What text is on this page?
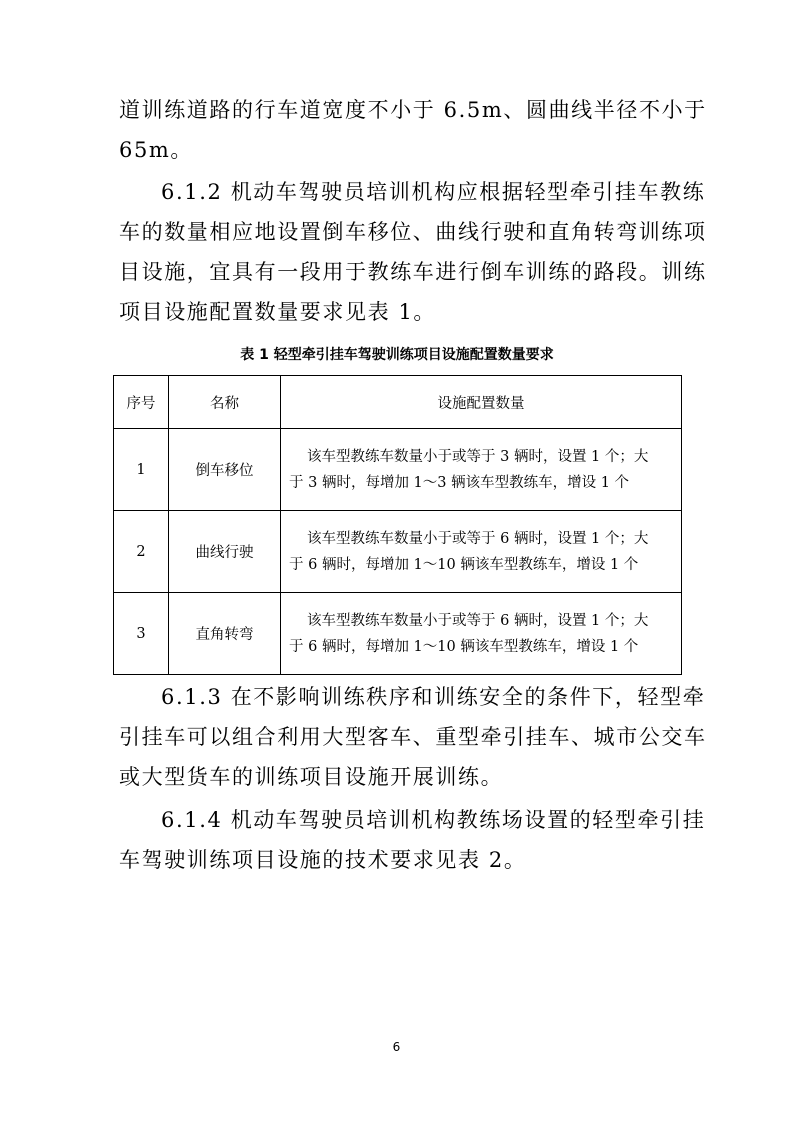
道训练道路的行车道宽度不小于 6.5m、圆曲线半径不小于
65m。

6.1.2 机动车驾驶员培训机构应根据轻型牵引挂车教练
车的数量相应地设置倒车移位、曲线行驶和直角转弯训练项
目设施，宜具有一段用于教练车进行倒车训练的路段。训练
项目设施配置数量要求见表 1。

表 1 轻型牵引挂车驾驶训练项目设施配置数量要求
序号	名称	设施配置数量
1	倒车移位	该车型教练车数量小于或等于 3 辆时，设置 1 个；大
于 3 辆时，每增加 1～3 辆该车型教练车，增设 1 个

2	曲线行驶	该车型教练车数量小于或等于 6 辆时，设置 1 个；大
于 6 辆时，每增加 1～10 辆该车型教练车，增设 1 个

3	直角转弯	该车型教练车数量小于或等于 6 辆时，设置 1 个；大
于 6 辆时，每增加 1～10 辆该车型教练车，增设 1 个

6.1.3 在不影响训练秩序和训练安全的条件下，轻型牵
引挂车可以组合利用大型客车、重型牵引挂车、城市公交车
或大型货车的训练项目设施开展训练。

6.1.4 机动车驾驶员培训机构教练场设置的轻型牵引挂
车驾驶训练项目设施的技术要求见表 2。

6
